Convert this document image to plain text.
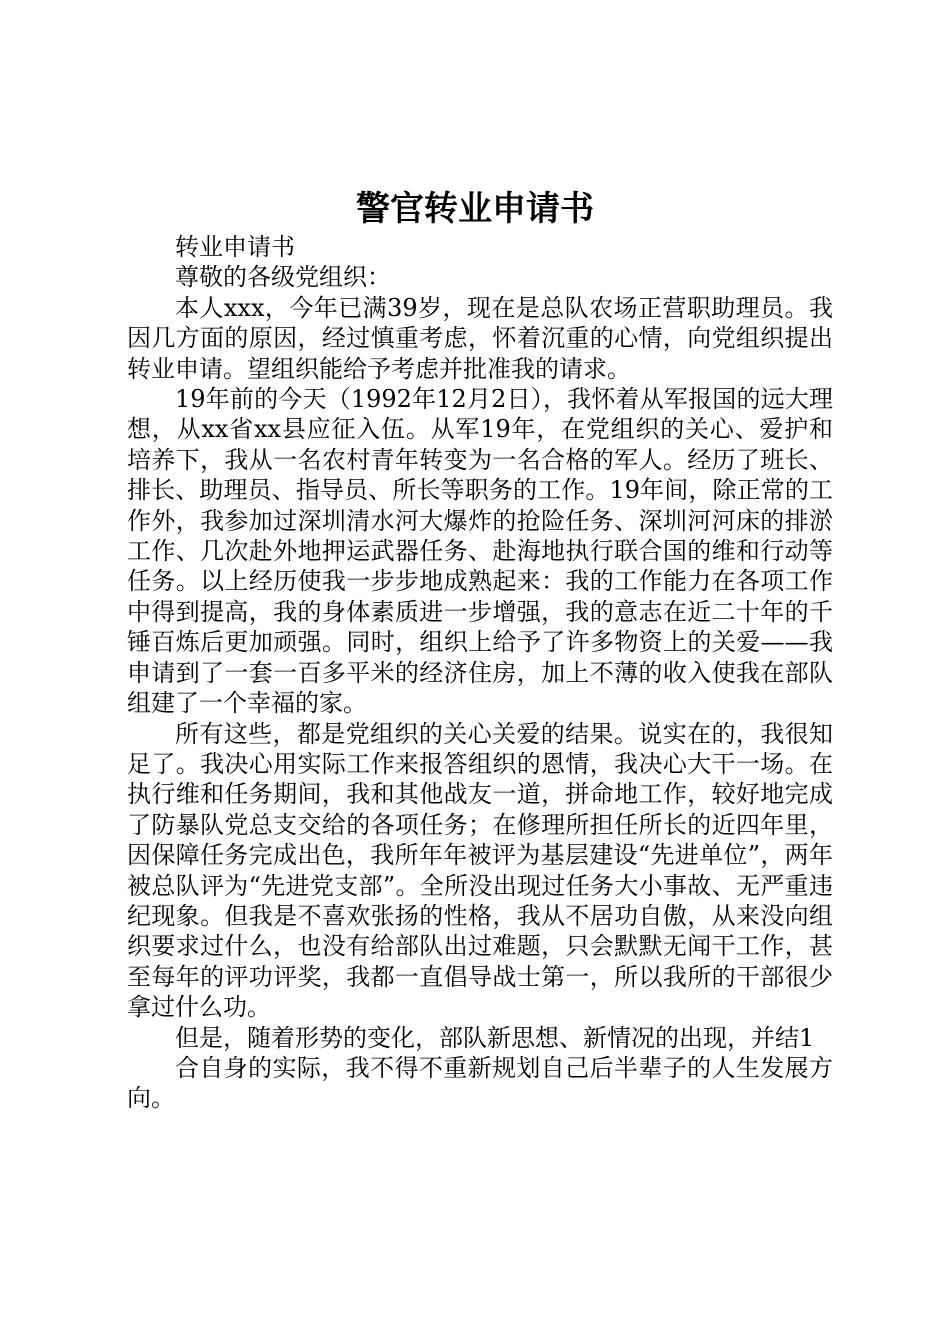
警官转业申请书

转业申请书

尊敬的各级党组织：

本人xxx，今年已满39岁，现在是总队农场正营职助理员。我因几方面的原因，经过慎重考虑，怀着沉重的心情，向党组织提出转业申请。望组织能给予考虑并批准我的请求。

19年前的今天（1992年12月2日），我怀着从军报国的远大理想，从xx省xx县应征入伍。从军19年，在党组织的关心、爱护和培养下，我从一名农村青年转变为一名合格的军人。经历了班长、排长、助理员、指导员、所长等职务的工作。19年间，除正常的工作外，我参加过深圳清水河大爆炸的抢险任务、深圳河河床的排淤工作、几次赴外地押运武器任务、赴海地执行联合国的维和行动等任务。以上经历使我一步步地成熟起来：我的工作能力在各项工作中得到提高，我的身体素质进一步增强，我的意志在近二十年的千锤百炼后更加顽强。同时，组织上给予了许多物资上的关爱——我申请到了一套一百多平米的经济住房，加上不薄的收入使我在部队组建了一个幸福的家。

所有这些，都是党组织的关心关爱的结果。说实在的，我很知足了。我决心用实际工作来报答组织的恩情，我决心大干一场。在执行维和任务期间，我和其他战友一道，拼命地工作，较好地完成了防暴队党总支交给的各项任务；在修理所担任所长的近四年里，因保障任务完成出色，我所年年被评为基层建设“先进单位”，两年被总队评为“先进党支部”。全所没出现过任务大小事故、无严重违纪现象。但我是不喜欢张扬的性格，我从不居功自傲，从来没向组织要求过什么，也没有给部队出过难题，只会默默无闻干工作，甚至每年的评功评奖，我都一直倡导战士第一，所以我所的干部很少拿过什么功。

但是，随着形势的变化，部队新思想、新情况的出现，并结1

合自身的实际，我不得不重新规划自己后半辈子的人生发展方向。
